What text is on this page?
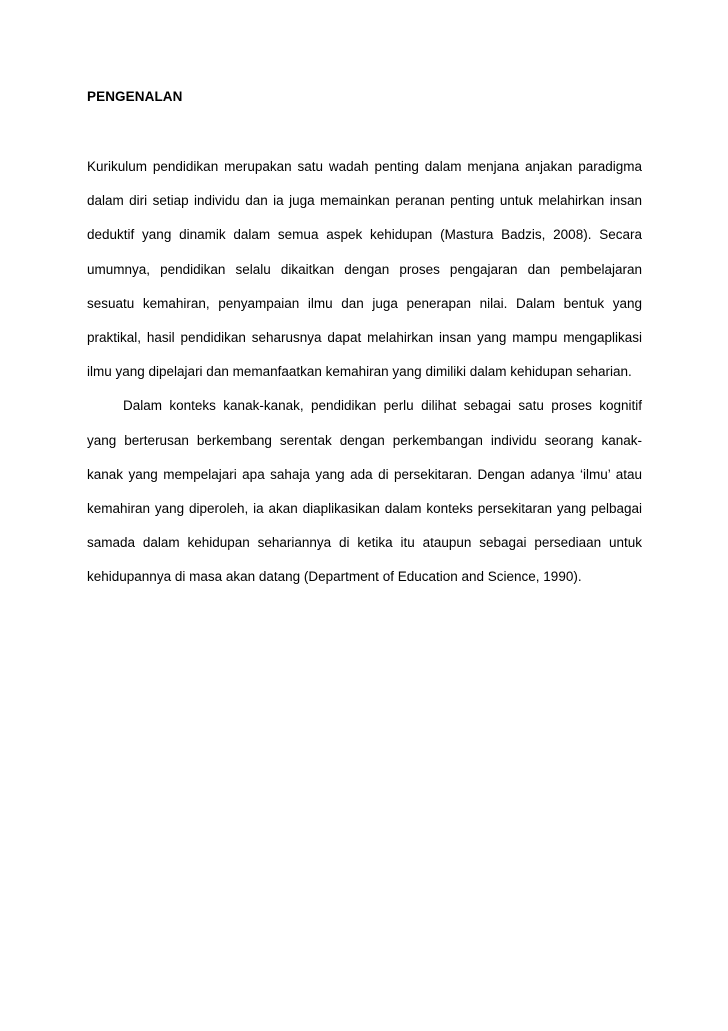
PENGENALAN

Kurikulum pendidikan merupakan satu wadah penting dalam menjana anjakan paradigma dalam diri setiap individu dan ia juga memainkan peranan penting untuk melahirkan insan deduktif yang dinamik dalam semua aspek kehidupan (Mastura Badzis, 2008). Secara umumnya, pendidikan selalu dikaitkan dengan proses pengajaran dan pembelajaran sesuatu kemahiran, penyampaian ilmu dan juga penerapan nilai. Dalam bentuk yang praktikal, hasil pendidikan seharusnya dapat melahirkan insan yang mampu mengaplikasi ilmu yang dipelajari dan memanfaatkan kemahiran yang dimiliki dalam kehidupan seharian.

Dalam konteks kanak-kanak, pendidikan perlu dilihat sebagai satu proses kognitif yang berterusan berkembang serentak dengan perkembangan individu seorang kanak-kanak yang mempelajari apa sahaja yang ada di persekitaran. Dengan adanya ‘ilmu’ atau kemahiran yang diperoleh, ia akan diaplikasikan dalam konteks persekitaran yang pelbagai samada dalam kehidupan sehariannya di ketika itu ataupun sebagai persediaan untuk kehidupannya di masa akan datang (Department of Education and Science, 1990).
